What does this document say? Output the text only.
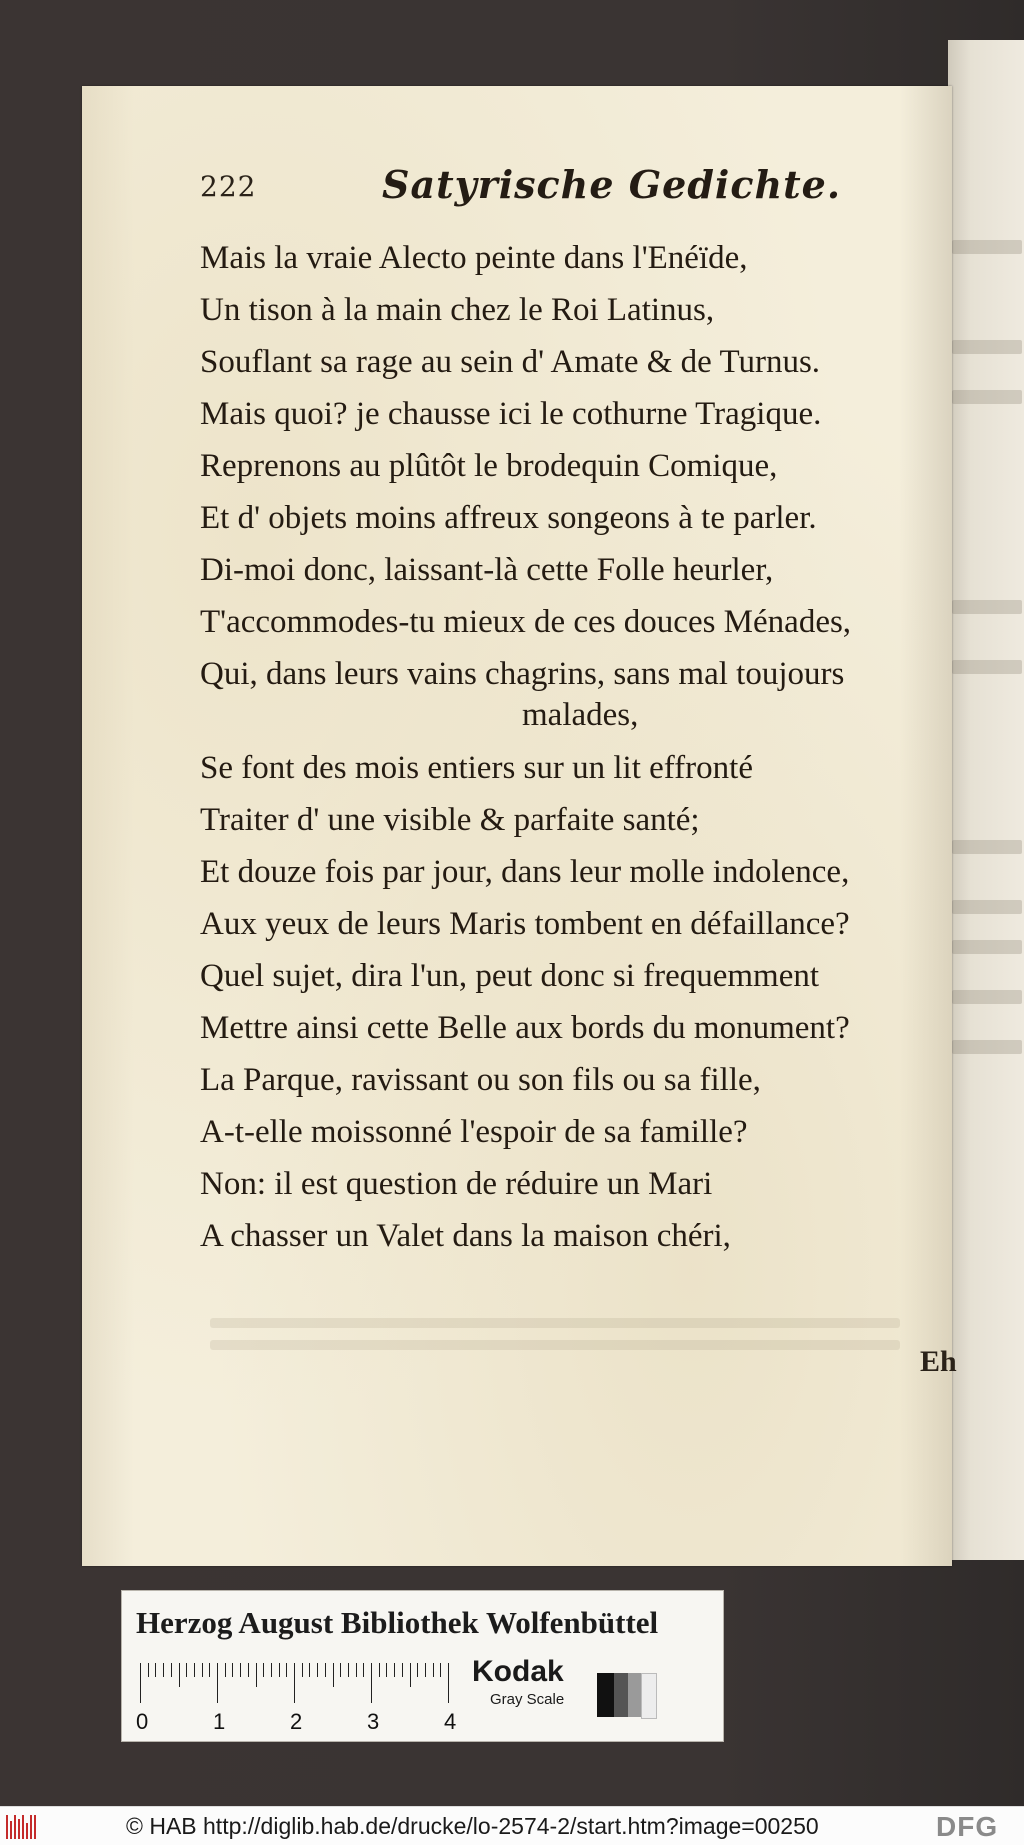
222	Satyrische Gedichte.
Mais la vraie Alecto peinte dans l'Enéïde,
Un tison à la main chez le Roi Latinus,
Souflant sa rage au sein d' Amate & de Turnus.
Mais quoi? je chausse ici le cothurne Tragique.
Reprenons au plûtôt le brodequin Comique,
Et d' objets moins affreux songeons à te parler.
Di-moi donc, laissant-là cette Folle heurler,
T'accommodes-tu mieux de ces douces Ménades,
Qui, dans leurs vains chagrins, sans mal toujours
malades,
Se font des mois entiers sur un lit effronté
Traiter d' une visible & parfaite santé;
Et douze fois par jour, dans leur molle indolence,
Aux yeux de leurs Maris tombent en défaillance?
Quel sujet, dira l'un, peut donc si frequemment
Mettre ainsi cette Belle aux bords du monument?
La Parque, ravissant ou son fils ou sa fille,
A-t-elle moissonné l'espoir de sa famille?
Non: il est question de réduire un Mari
A chasser un Valet dans la maison chéri,
Eh
Herzog August Bibliothek Wolfenbüttel
0	1	2	3	4
Kodak
Gray Scale
© HAB http://diglib.hab.de/drucke/lo-2574-2/start.htm?image=00250	DFG
